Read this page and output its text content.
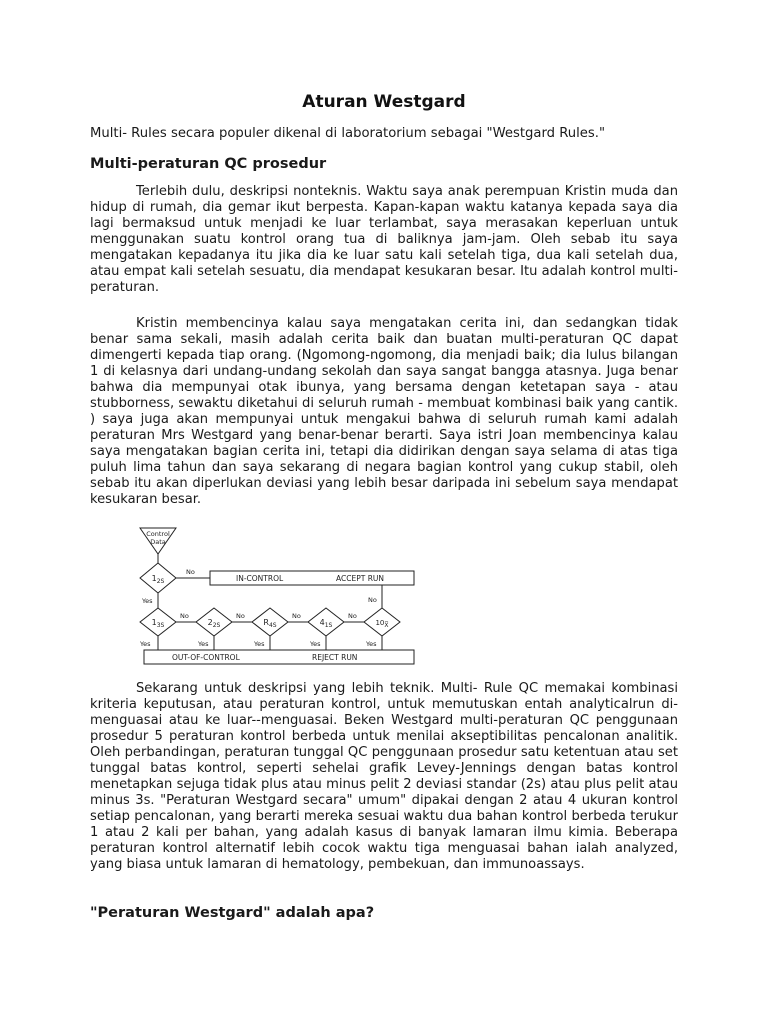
Aturan Westgard
Multi- Rules secara populer dikenal di laboratorium sebagai "Westgard Rules."
Multi-peraturan QC prosedur
Terlebih dulu, deskripsi nonteknis. Waktu saya anak perempuan Kristin muda dan hidup di rumah, dia gemar ikut berpesta. Kapan-kapan waktu katanya kepada saya dia lagi bermaksud untuk menjadi ke luar terlambat, saya merasakan keperluan untuk menggunakan suatu kontrol orang tua di baliknya jam-jam. Oleh sebab itu saya mengatakan kepadanya itu jika dia ke luar satu kali setelah tiga, dua kali setelah dua, atau empat kali setelah sesuatu, dia mendapat kesukaran besar. Itu adalah kontrol multi-peraturan.
Kristin membencinya kalau saya mengatakan cerita ini, dan sedangkan tidak benar sama sekali, masih adalah cerita baik dan buatan multi-peraturan QC dapat dimengerti kepada tiap orang. (Ngomong-ngomong, dia menjadi baik; dia lulus bilangan 1 di kelasnya dari undang-undang sekolah dan saya sangat bangga atasnya. Juga benar bahwa dia mempunyai otak ibunya, yang bersama dengan ketetapan saya - atau stubborness, sewaktu diketahui di seluruh rumah - membuat kombinasi baik yang cantik. ) saya juga akan mempunyai untuk mengakui bahwa di seluruh rumah kami adalah peraturan Mrs Westgard yang benar-benar berarti. Saya istri Joan membencinya kalau saya mengatakan bagian cerita ini, tetapi dia didirikan dengan saya selama di atas tiga puluh lima tahun dan saya sekarang di negara bagian kontrol yang cukup stabil, oleh sebab itu akan diperlukan deviasi yang lebih besar daripada ini sebelum saya mendapat kesukaran besar.
Control
Data
$1_{2S}$
No
IN-CONTROL	ACCEPT RUN
Yes
$1_{3S}$	$2_{2S}$	$R_{4S}$	$4_{1S}$	10X̅
No	No	No	No
No
Yes	Yes	Yes	Yes	Yes
OUT-OF-CONTROL	REJECT RUN
Sekarang untuk deskripsi yang lebih teknik. Multi- Rule QC memakai kombinasi kriteria keputusan, atau peraturan kontrol, untuk memutuskan entah analyticalrun di-menguasai atau ke luar--menguasai. Beken Westgard multi-peraturan QC penggunaan prosedur 5 peraturan kontrol berbeda untuk menilai akseptibilitas pencalonan analitik. Oleh perbandingan, peraturan tunggal QC penggunaan prosedur satu ketentuan atau set tunggal batas kontrol, seperti sehelai grafik Levey-Jennings dengan batas kontrol menetapkan sejuga tidak plus atau minus pelit 2 deviasi standar (2s) atau plus pelit atau minus 3s. "Peraturan Westgard secara" umum" dipakai dengan 2 atau 4 ukuran kontrol setiap pencalonan, yang berarti mereka sesuai waktu dua bahan kontrol berbeda terukur 1 atau 2 kali per bahan, yang adalah kasus di banyak lamaran ilmu kimia. Beberapa peraturan kontrol alternatif lebih cocok waktu tiga menguasai bahan ialah analyzed, yang biasa untuk lamaran di hematology, pembekuan, dan immunoassays.
"Peraturan Westgard" adalah apa?
